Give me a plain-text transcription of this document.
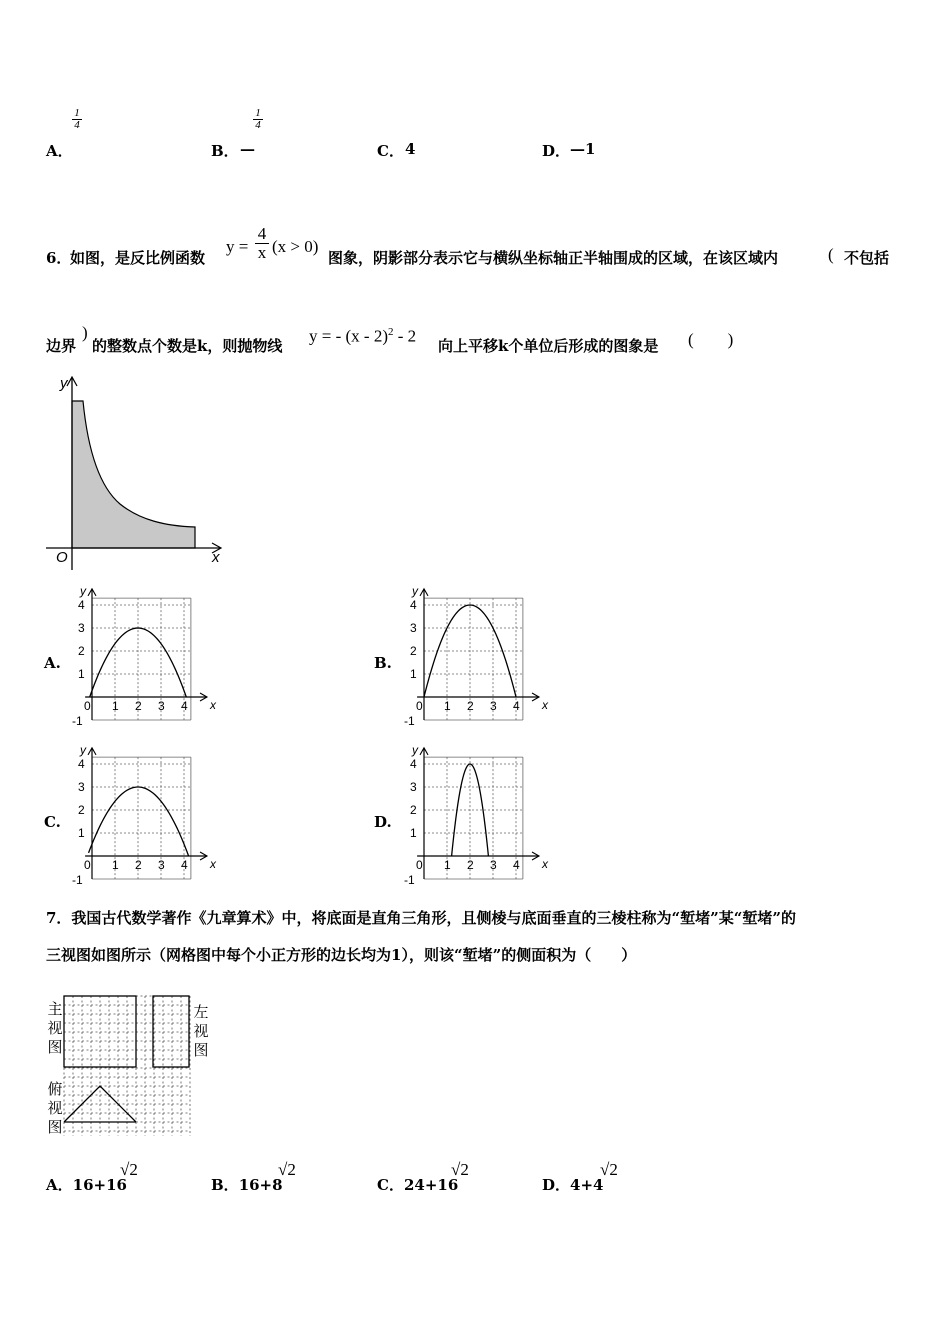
A．
$\frac{1}{4}$
B． —
$\frac{1}{4}$
C． 4	D． —1
6．
如图，是反比例函数
$y = \frac{4}{x} (x > 0)$
图象，阴影部分表示它与横纵坐标轴正半轴围成的区域，在该区域内	( 不包括
边界
)
的整数点个数是k，则抛物线
y = - (x - 2)$^2$ - 2
向上平移k个单位后形成的图象是 (　　)
y
x
O
A.
y
x
4
3
2
1
0 1 2 3 4
-1
B.
y
x
4
3
2
1
0 1 2 3 4
-1
C.
y
x
4
3
2
1
0 1 2 3 4
-1
D.
y
x
4
3
2
1
0 1 2 3 4
-1
7．我国古代数学著作《九章算术》中，将底面是直角三角形，且侧棱与底面垂直的三棱柱称为“堑堵”某“堑堵”的
三视图如图所示（网格图中每个小正方形的边长均为1），则该“堑堵”的侧面积为（　　）
主视图
左视图
俯视图
A．16+16
√2
B．16+8
√2
C．24+16
√2
D．4+4
√2
